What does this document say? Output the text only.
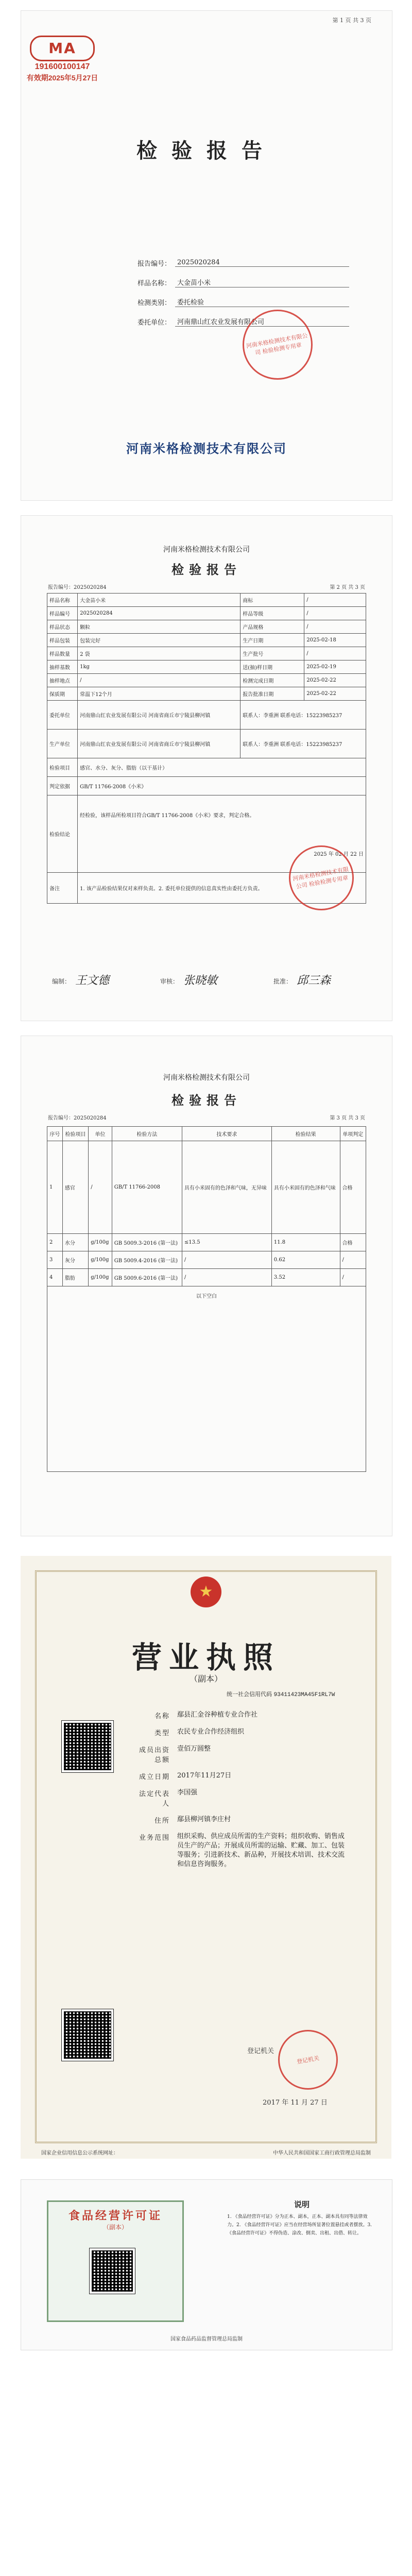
第 1 页 共 3 页
MA
191600100147
有效期2025年5月27日
检验报告
报告编号： 2025020284
样品名称： 大金苗小米
检测类别： 委托检验
委托单位： 河南鼎山红农业发展有限公司
河南米格检测技术有限公司 检验检测专用章
河南米格检测技术有限公司
河南米格检测技术有限公司
检验报告
报告编号：2025020284	第 2 页 共 3 页
样品名称	大金苗小米	商标	/
样品编号	2025020284	样品等级	/
样品状态	颗粒	产品规格	/
样品包装	包装完好	生产日期	2025-02-18
样品数量	2 袋	生产批号	/
抽样基数	1kg	送(抽)样日期	2025-02-19
抽样地点	/	检测完成日期	2025-02-22
保质期	常温下12个月	报告批准日期	2025-02-22
委托单位	河南鼎山红农业发展有限公司 河南省商丘市宁陵县柳河镇	联系人：李重洲 联系电话：15223985237	
生产单位	河南鼎山红农业发展有限公司 河南省商丘市宁陵县柳河镇	联系人：李重洲 联系电话：15223985237	
检验项目	感官、水分、灰分、脂肪（以干基计）		
判定依据	GB/T 11766-2008《小米》		
检验结论	经检验，该样品所检项目符合GB/T 11766-2008《小米》要求，判定合格。
2025 年 02 月 22 日		

备注	1. 该产品检验结果仅对来样负责。2. 委托单位提供的信息真实性由委托方负责。		
河南米格检测技术有限公司 检验检测专用章
编制： 王文德	审核： 张晓敏	批准： 邱三森
河南米格检测技术有限公司
检验报告
报告编号：2025020284	第 3 页 共 3 页
序号	检验项目	单位	检验方法	技术要求	检验结果	单项判定
1	感官	/	GB/T 11766-2008	具有小米固有的色泽和气味，无异味	具有小米固有的色泽和气味	合格
2	水分	g/100g	GB 5009.3-2016 (第一法)	≤13.5	11.8	合格
3	灰分	g/100g	GB 5009.4-2016 (第一法)	/	0.62	/
4	脂肪	g/100g	GB 5009.6-2016 (第一法)	/	3.52	/
以下空白						
★
营业执照
（副本）
统一社会信用代码 93411423MA45F1RL7W
名称 鄢县汇金谷种植专业合作社
类型 农民专业合作经济组织
成员出资总额
壹佰万圆整
成立日期 2017年11月27日
法定代表人
李国强
住所 鄢县柳河镇李庄村
业务范围 组织采购、供应成员所需的生产资料；组织收购、销售成员生产的产品；开展成员所需的运输、贮藏、加工、包装等服务；引进新技术、新品种，开展技术培训、技术交流和信息咨询服务。
登记机关
登记机关
2017 年 11 月 27 日
国家企业信用信息公示系统网址：	中华人民共和国国家工商行政管理总局监制
食品经营许可证
（副本）
说明
1. 《食品经营许可证》分为正本、副本，正本、副本具有同等法律效力。2. 《食品经营许可证》应当在经营场所显著位置悬挂或者摆放。3. 《食品经营许可证》不得伪造、涂改、倒卖、出租、出借、转让。
国家食品药品监督管理总局监制
